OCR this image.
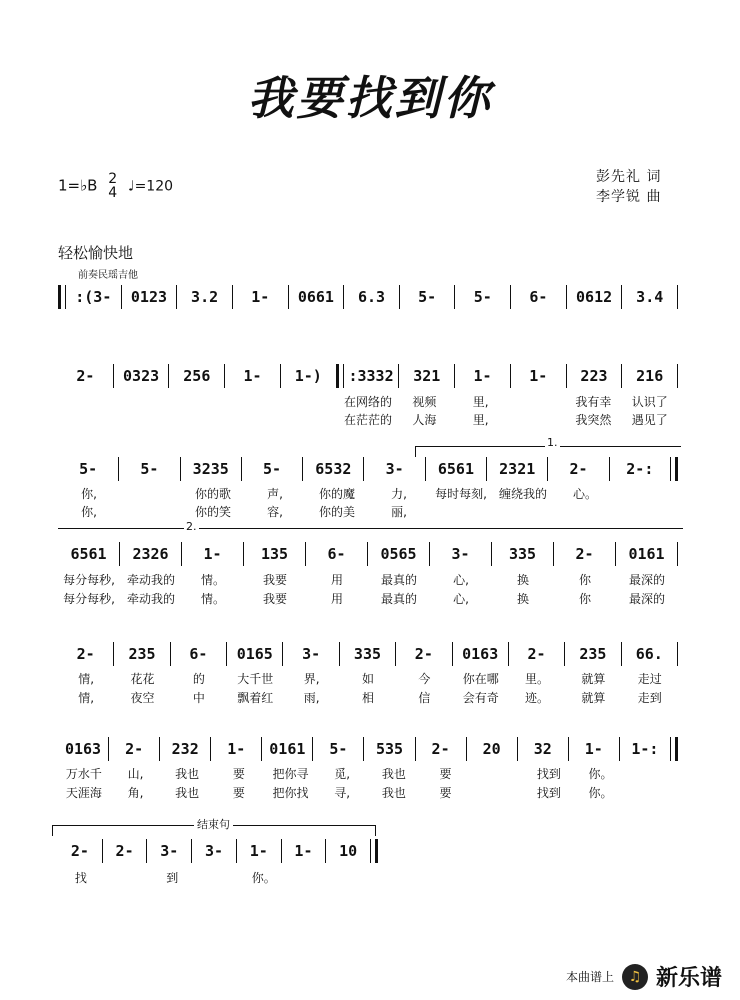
我要找到你
1=♭B 2
4 ♩=120
彭先礼 词
李学锐 曲
轻松愉快地
前奏民瑶吉他
:(3-	0123	3.2	1-	0661	6.3	5-	5-	6-	0612	3.4
2-	0323	256	1-	1-)	:3332	321	1-	1-	223	216
在网络的	视频	里,	我有幸	认识了
在茫茫的	人海	里,	我突然	遇见了
1.
5-	5-	3235	5-	6532	3-	6561	2321	2-	2-:
你,	你的歌	声,	你的魔	力,	每时每刻,	缠绕我的	心。
你,	你的笑	容,	你的美	丽,
2.
6561	2326	1-	135	6-	0565	3-	335	2-	0161
每分每秒,	牵动我的	情。	我要	用	最真的	心,	换	你	最深的
每分每秒,	牵动我的	情。	我要	用	最真的	心,	换	你	最深的
2-	235	6-	0165	3-	335	2-	0163	2-	235	66.
情,	花花	的	大千世	界,	如	今	你在哪	里。	就算	走过
情,	夜空	中	飘着红	雨,	相	信	会有奇	迹。	就算	走到
0163	2-	232	1-	0161	5-	535	2-	20	32	1-	1-:
万水千	山,	我也	要	把你寻	觅,	我也	要	找到	你。
天涯海	角,	我也	要	把你找	寻,	我也	要	找到	你。
结束句
2-	2-	3-	3-	1-	1-	10
找	到	你。
本曲谱上	♫ 新乐谱
